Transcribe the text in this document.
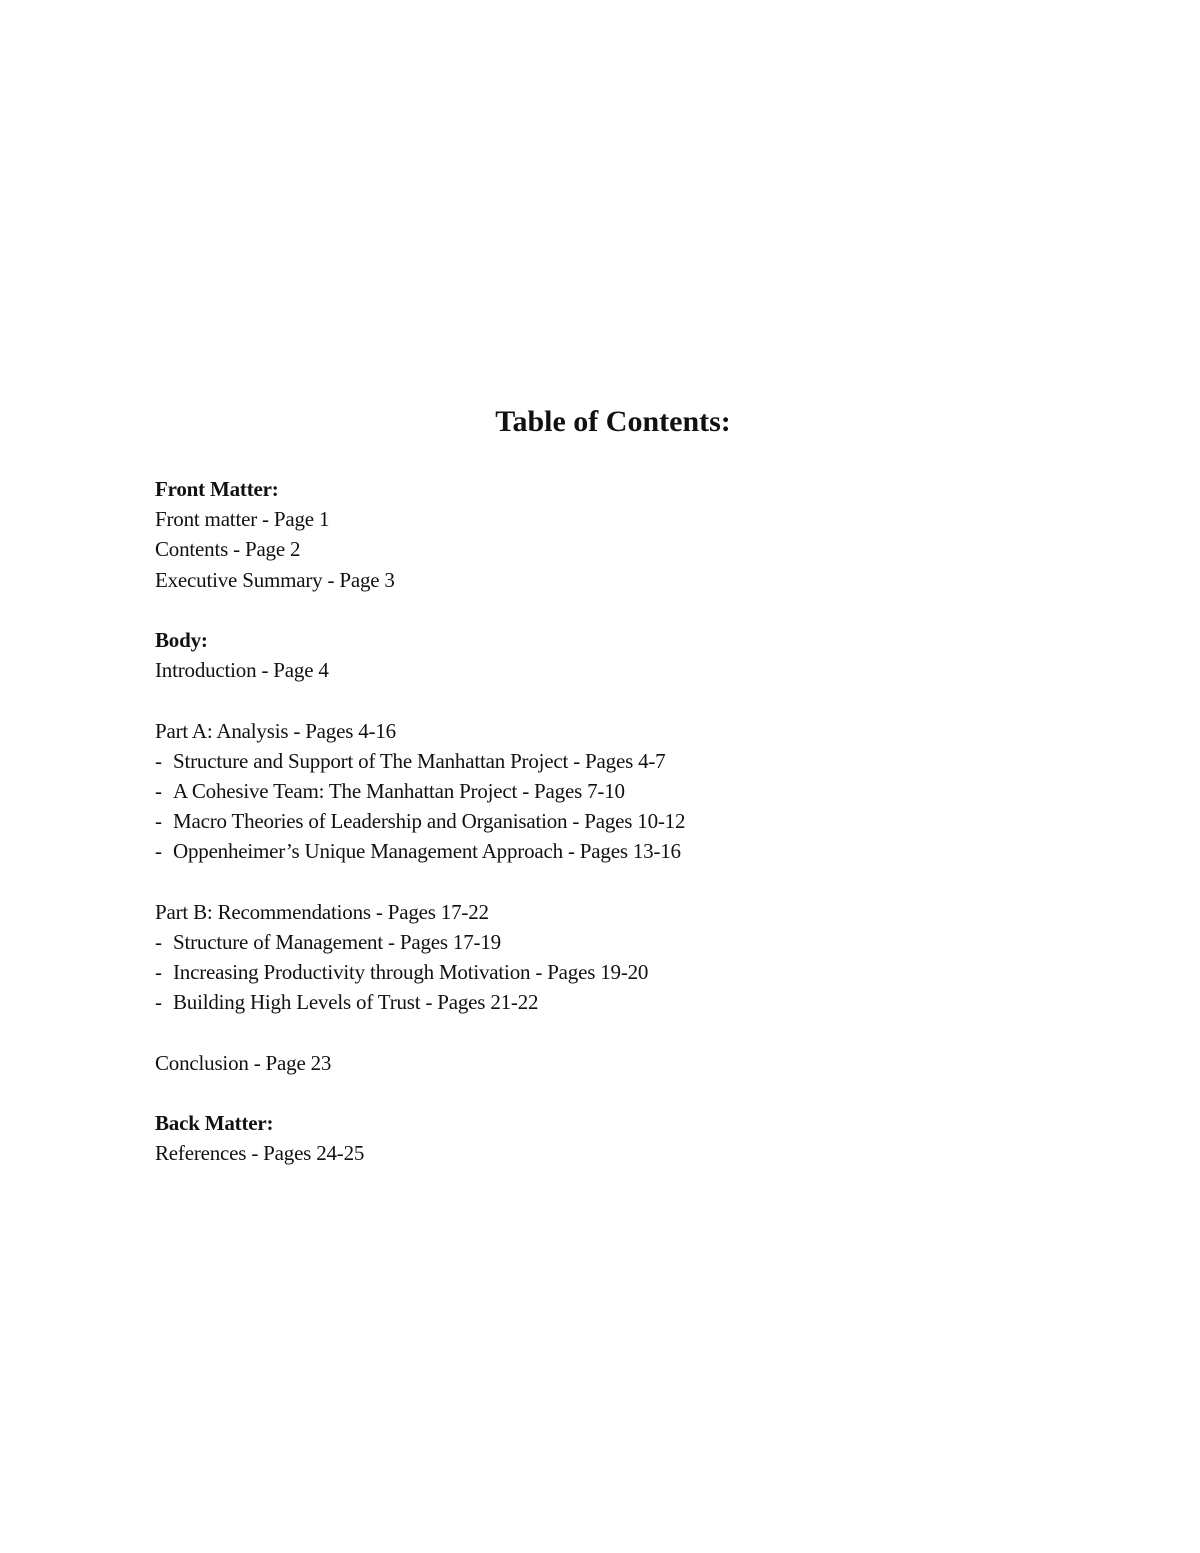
Table of Contents:
Front Matter:
Front matter - Page 1
Contents - Page 2
Executive Summary - Page 3
Body:
Introduction - Page 4
Part A: Analysis - Pages 4-16
- Structure and Support of The Manhattan Project - Pages 4-7
- A Cohesive Team: The Manhattan Project - Pages 7-10
- Macro Theories of Leadership and Organisation - Pages 10-12
- Oppenheimer’s Unique Management Approach - Pages 13-16
Part B: Recommendations - Pages 17-22
- Structure of Management - Pages 17-19
- Increasing Productivity through Motivation - Pages 19-20
- Building High Levels of Trust - Pages 21-22
Conclusion - Page 23
Back Matter:
References - Pages 24-25
